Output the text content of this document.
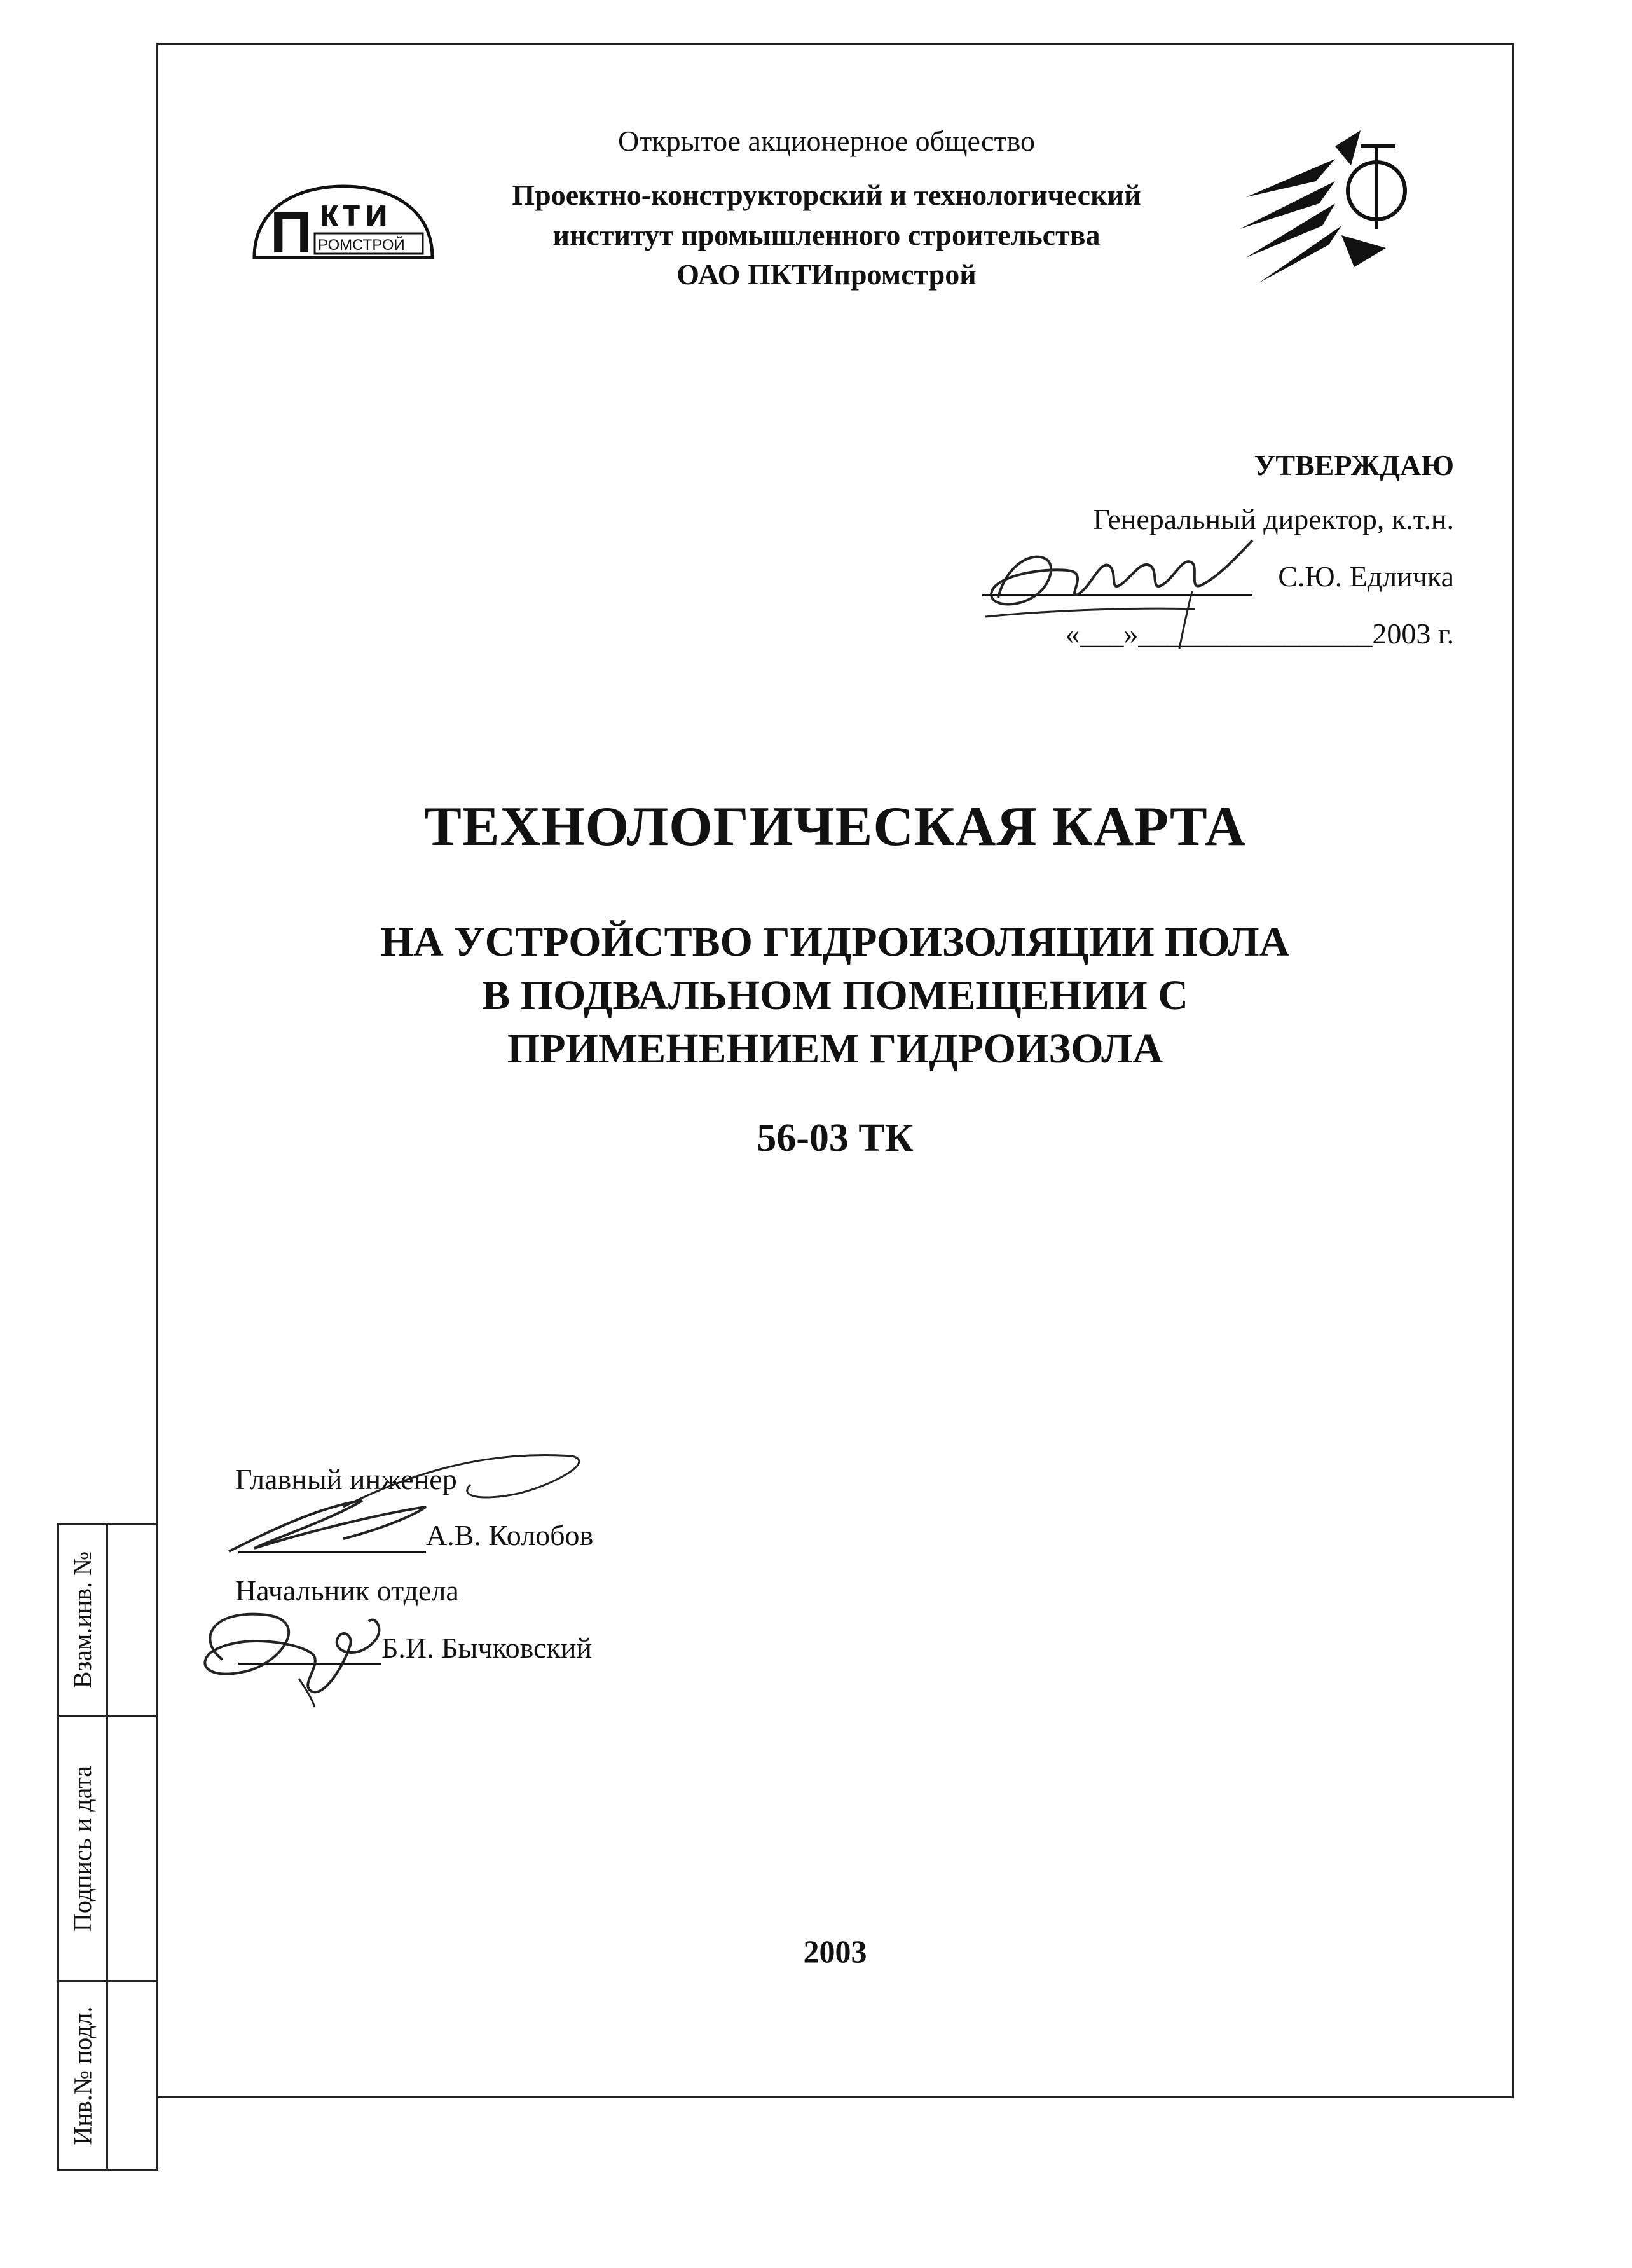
Взам.инв. №
Подпись и дата
Инв.№ подл.
П кти
РОМСТРОЙ
Открытое акционерное общество
Проектно-конструкторский и технологический
институт промышленного строительства
ОАО ПКТИпромстрой
УТВЕРЖДАЮ
Генеральный директор, к.т.н.
С.Ю. Едличка
«___»________________2003 г.
ТЕХНОЛОГИЧЕСКАЯ КАРТА
НА УСТРОЙСТВО ГИДРОИЗОЛЯЦИИ ПОЛА
В ПОДВАЛЬНОМ ПОМЕЩЕНИИ С
ПРИМЕНЕНИЕМ ГИДРОИЗОЛА
56-03 ТК
Главный инженер
А.В. Колобов
Начальник отдела
Б.И. Бычковский
2003
